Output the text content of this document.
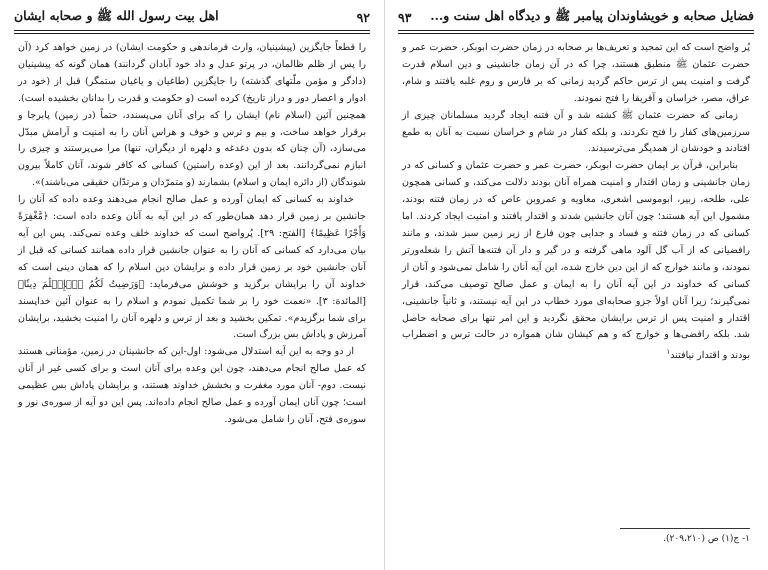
۹۲
اهل بیت رسول الله ﷺ و صحابه ایشان

را قطعاً جایگزین (پیشینیان، وارث فرماندهی و حکومت ایشان) در زمین خواهد کرد (آن را پس از ظلم ظالمان، در پرتو عدل و داد خود آبادان گردانند) همان گونه که پیشینیان (دادگر و مؤمن ملّتهای گذشته) را جایگزین (طاغیان و یاغیان ستمگر) قبل از (خود در ادوار و اعصار دور و دراز تاریخ) کرده است (و حکومت و قدرت را بدانان بخشیده است). همچنین آئین (اسلام نام) ایشان را که برای آنان می‌پسندد، حتماً (در زمین) پابرجا و برقرار خواهد ساخت، و بیم و ترس و خوف و هراس آنان را به امنیت و آرامش مبدّل می‌سازد، (آن چنان که بدون دغدغه و دلهره از دیگران، تنها) مرا می‌پرستند و چیزی را انبازم نمی‌گردانند. بعد از این (وعده راستین) کسانی که کافر شوند، آنان کاملاً بیرون شوندگان (از دائره ایمان و اسلام) بشمارند (و متمرّدان و مرتدّان حقیقی می‌باشند)».

خداوند به کسانی که ایمان آورده و عمل صالح انجام می‌دهند وعده داده که آنان را جانشین بر زمین قرار دهد همان‌طور که در این آیه به آنان وعده داده است: ﴿مَّغْفِرَةً وَأَجْرًا عَظِيمًا﴾ [الفتح: ۲۹]. پُرواضح است که خداوند خلف وعده نمی‌کند. پس این آیه بیان می‌دارد که کسانی که آنان را به عنوان جانشین قرار داده همانند کسانی که قبل از آنان جانشین خود بر زمین قرار داده و برایشان دین اسلام را که همان دینی است که خداوند آن را برایشان برگزید و خوشش می‌فرماید: ﴿وَرَضِيتُ لَكُمُ ٱلۡإِسۡلَٰمَ دِينٗا﴾ [المائدة: ۳]. «نعمت خود را بر شما تکمیل نمودم و اسلام را به عنوان آئین خداپسند برای شما برگزیدم». تمکین بخشید و بعد از ترس و دلهره آنان را امنیت بخشید، برایشان آمرزش و پاداش بس بزرگ است.

از دو وجه به این آیه استدلال می‌شود: اول-این که جانشینان در زمین، مؤمنانی هستند که عمل صالح انجام می‌دهند، چون این وعده برای آنان است و برای کسی غیر از آنان نیست. دوم- آنان مورد مغفرت و بخشش خداوند هستند، و برایشان پاداش بس عظیمی است؛ چون آنان ایمان آورده و عمل صالح انجام داده‌اند. پس این دو آیه از سوره‌ی نور و سوره‌ی فتح، آنان را شامل می‌شود.

فضایل صحابه و خویشاوندان پیامبر ﷺ و دیدگاه اهل سنت و...
۹۳

پُر واضح است که این تمجید و تعریف‌ها بر صحابه در زمان حضرت ابوبکر، حضرت عمر و حضرت عثمان ﷺ منطبق هستند، چرا که در آن زمان جانشینی و دین اسلام قدرت گرفت و امنیت پس از ترس حاکم گردید زمانی که بر فارس و روم غلبه یافتند و شام، عراق، مصر، خراسان و آفریقا را فتح نمودند.

زمانی که حضرت عثمان ﷺ کشته شد و آن فتنه ایجاد گردید مسلمانان چیزی از سرزمین‌های کفار را فتح نکردند، و بلکه کفار در شام و خراسان نسبت به آنان به طمع افتادند و خودشان از همدیگر می‌ترسیدند.

بنابراین، قرآن بر ایمان حضرت ابوبکر، حضرت عمر و حضرت عثمان و کسانی که در زمان جانشینی و زمان اقتدار و امنیت همراه آنان بودند دلالت می‌کند، و کسانی همچون علی، طلحه، زبیر، ابوموسی اشعری، معاویه و عمروبن عاص که در زمان فتنه بودند، مشمول این آیه هستند؛ چون آنان جانشین شدند و اقتدار یافتند و امنیت ایجاد کردند. اما کسانی که در زمان فتنه و فساد و جدایی چون فارغ از زیر زمین سبز شدند، و مانند رافضیانی که از آب گل آلود ماهی گرفته و در گیر و دار آن فتنه‌ها آتش را شعله‌ورتر نمودند، و مانند خوارج که از این دین خارج شده، این آیه آنان را شامل نمی‌شود و آنان از کسانی که خداوند در این آیه آنان را به ایمان و عمل صالح توصیف می‌کند، قرار نمی‌گیرند؛ زیرا آنان اولاً جزو صحابه‌ای مورد خطاب در این آیه نیستند، و ثانیاً جانشینی، اقتدار و امنیت پس از ترس برایشان محقق نگردید و این امر تنها برای صحابه حاصل شد. بلکه رافضی‌ها و خوارج که و هم کیشان شان همواره در حالت ترس و اضطراب بودند و اقتدار نیافتند$^۱$

۱- ج(۱) ص (۲۰۹،۲۱۰).
